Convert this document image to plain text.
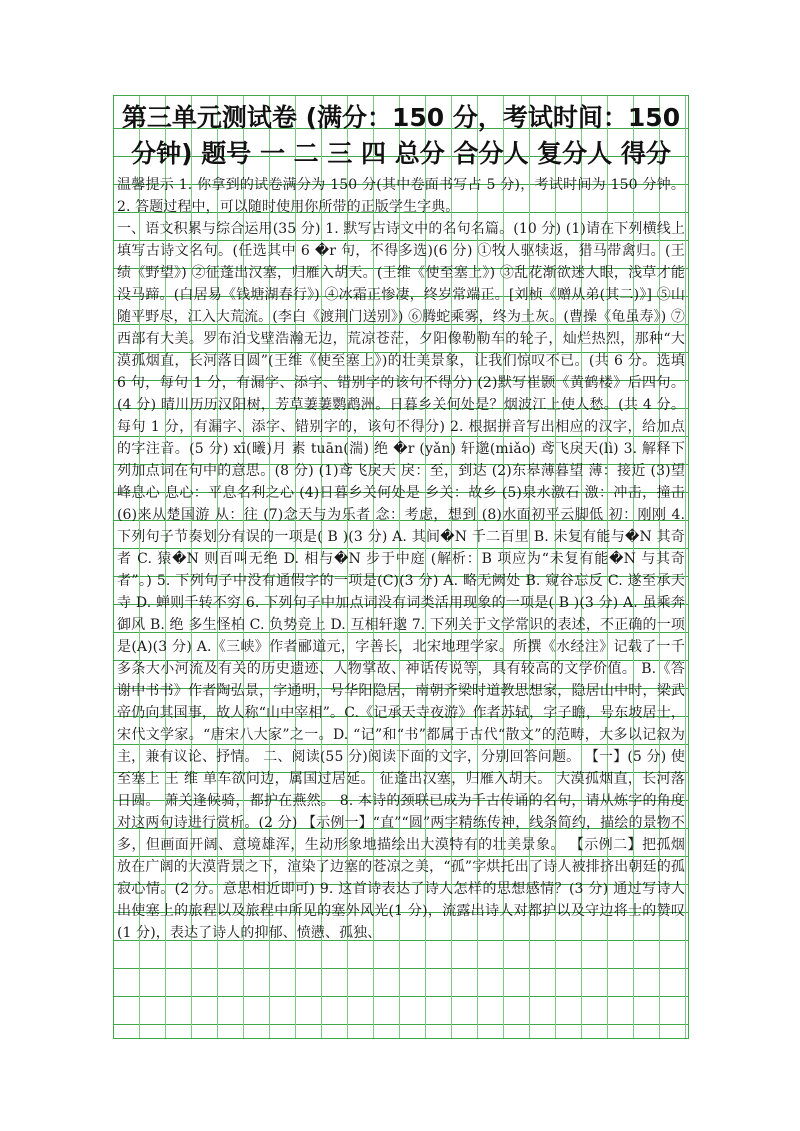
第三单元测试卷 (满分：150 分，考试时间：150 分钟) 题号 一 二 三 四 总分 合分人 复分人 得分

温馨提示 1. 你拿到的试卷满分为 150 分(其中卷面书写占 5 分)，考试时间为 150 分钟。 2. 答题过程中，可以随时使用你所带的正版学生字典。

一、语文积累与综合运用(35 分) 1. 默写古诗文中的名句名篇。(10 分) (1)请在下列横线上填写古诗文名句。(任选其中 6 �r 句，不得多选)(6 分) ①牧人驱犊返，猎马带禽归。(王绩《野望》) ②征蓬出汉塞，归雁入胡天。(王维《使至塞上》) ③乱花渐欲迷人眼，浅草才能没马蹄。(白居易《钱塘湖春行》) ④冰霜正惨凄，终岁常端正。[刘桢《赠从弟(其二)》] ⑤山随平野尽，江入大荒流。(李白《渡荆门送别》) ⑥腾蛇乘雾，终为土灰。(曹操《龟虽寿》) ⑦西部有大美。罗布泊戈壁浩瀚无边，荒凉苍茫，夕阳像勒勒车的轮子，灿烂热烈，那种“大漠孤烟直，长河落日圆”(王维《使至塞上》)的壮美景象，让我们惊叹不已。(共 6 分。选填 6 句，每句 1 分，有漏字、添字、错别字的该句不得分) (2)默写崔颢《黄鹤楼》后四句。(4 分) 晴川历历汉阳树，芳草萋萋鹦鹉洲。日暮乡关何处是？烟波江上使人愁。(共 4 分。每句 1 分，有漏字、添字、错别字的，该句不得分) 2. 根据拼音写出相应的汉字，给加点的字注音。(5 分) xī(曦)月 素 tuān(湍) 绝 �r (yǎn) 轩邈(miǎo) 鸢飞戾天(lì) 3. 解释下列加点词在句中的意思。(8 分) (1)鸢飞戾天 戾：至，到达 (2)东皋薄暮望 薄：接近 (3)望峰息心 息心：平息名利之心 (4)日暮乡关何处是 乡关：故乡 (5)泉水激石 激：冲击，撞击 (6)来从楚国游 从：往 (7)念天与为乐者 念：考虑，想到 (8)水面初平云脚低 初：刚刚 4. 下列句子节奏划分有误的一项是( B )(3 分) A. 其间�N 千二百里 B. 未复有能与�N 其奇者 C. 猿�N 则百叫无绝 D. 相与�N 步于中庭 (解析：B 项应为“未复有能�N 与其奇者”。) 5. 下列句子中没有通假字的一项是(C)(3 分) A. 略无阙处 B. 窥谷忘反 C. 遂至承天寺 D. 蝉则千转不穷 6. 下列句子中加点词没有词类活用现象的一项是( B )(3 分) A. 虽乘奔御风 B. 绝 多生怪柏 C. 负势竞上 D. 互相轩邈 7. 下列关于文学常识的表述，不正确的一项是(A)(3 分) A.《三峡》作者郦道元，字善长，北宋地理学家。所撰《水经注》记载了一千多条大小河流及有关的历史遗迹、人物掌故、神话传说等，具有较高的文学价值。 B.《答谢中书书》作者陶弘景，字通明，号华阳隐居，南朝齐梁时道教思想家，隐居山中时，梁武帝仍向其国事，故人称“山中宰相”。C.《记承天寺夜游》作者苏轼，字子瞻，号东坡居士，宋代文学家。“唐宋八大家”之一。D. “记”和“书”都属于古代“散文”的范畴，大多以记叙为主，兼有议论、抒情。 二、阅读(55 分)阅读下面的文字，分别回答问题。 【一】(5 分) 使至塞上 王 维 单车欲问边，属国过居延。 征蓬出汉塞，归雁入胡天。 大漠孤烟直，长河落日圆。 萧关逢候骑，都护在燕然。 8. 本诗的颈联已成为千古传诵的名句，请从炼字的角度对这两句诗进行赏析。(2 分) 【示例一】“直”“圆”两字精练传神，线条简约，描绘的景物不多，但画面开阔、意境雄浑，生动形象地描绘出大漠特有的壮美景象。 【示例二】把孤烟放在广阔的大漠背景之下，渲染了边塞的苍凉之美，“孤”字烘托出了诗人被排挤出朝廷的孤寂心情。(2 分。意思相近即可) 9. 这首诗表达了诗人怎样的思想感情？(3 分) 通过写诗人出使塞上的旅程以及旅程中所见的塞外风光(1 分)，流露出诗人对都护以及守边将士的赞叹(1 分)，表达了诗人的抑郁、愤懑、孤独、
